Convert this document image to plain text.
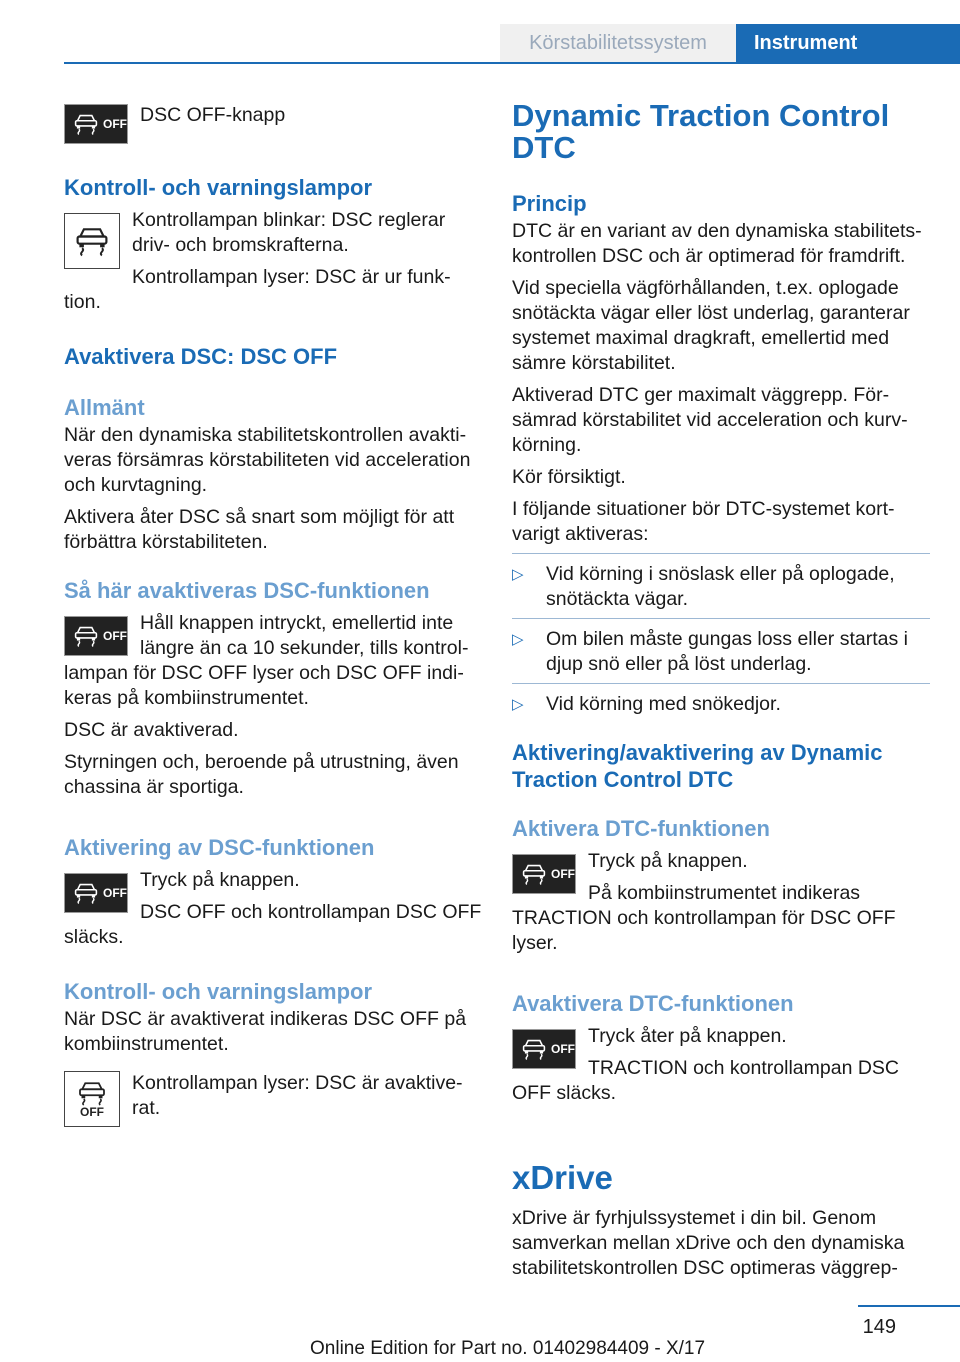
Körstabilitetssystem	Instrument
OFF DSC OFF-knapp
Kontroll- och varningslampor
Kontrollampan blinkar: DSC reglerar driv- och bromskrafterna.
Kontrollampan lyser: DSC är ur funk-tion.
Avaktivera DSC: DSC OFF
Allmänt
När den dynamiska stabilitetskontrollen avakti-veras försämras körstabiliteten vid acceleration och kurvtagning.
Aktivera åter DSC så snart som möjligt för att förbättra körstabiliteten.
Så här avaktiveras DSC-funktionen
OFF
Håll knappen intryckt, emellertid inte längre än ca 10 sekunder, tills kontrol-lampan för DSC OFF lyser och DSC OFF indi-keras på kombiinstrumentet.
DSC är avaktiverad.
Styrningen och, beroende på utrustning, även chassina är sportiga.
Aktivering av DSC-funktionen
OFF
Tryck på knappen.
DSC OFF och kontrollampan DSC OFF släcks.
Kontroll- och varningslampor
När DSC är avaktiverat indikeras DSC OFF på kombiinstrumentet.
OFF
Kontrollampan lyser: DSC är avaktive-rat.
Dynamic Traction Control DTC
Princip
DTC är en variant av den dynamiska stabilitets-kontrollen DSC och är optimerad för framdrift.
Vid speciella vägförhållanden, t.ex. oplogade snötäckta vägar eller löst underlag, garanterar systemet maximal dragkraft, emellertid med sämre körstabilitet.
Aktiverad DTC ger maximalt väggrepp. För-sämrad körstabilitet vid acceleration och kurv-körning.
Kör försiktigt.
I följande situationer bör DTC-systemet kort-varigt aktiveras:
▷ Vid körning i snöslask eller på oplogade, snötäckta vägar.
▷ Om bilen måste gungas loss eller startas i djup snö eller på löst underlag.
▷ Vid körning med snökedjor.
Aktivering/avaktivering av Dynamic Traction Control DTC
Aktivera DTC-funktionen
OFF
Tryck på knappen.
På kombiinstrumentet indikeras TRACTION och kontrollampan för DSC OFF lyser.
Avaktivera DTC-funktionen
OFF
Tryck åter på knappen.
TRACTION och kontrollampan DSC OFF släcks.
xDrive
xDrive är fyrhjulssystemet i din bil. Genom samverkan mellan xDrive och den dynamiska stabilitetskontrollen DSC optimeras väggrep-
149
Online Edition for Part no. 01402984409 - X/17
